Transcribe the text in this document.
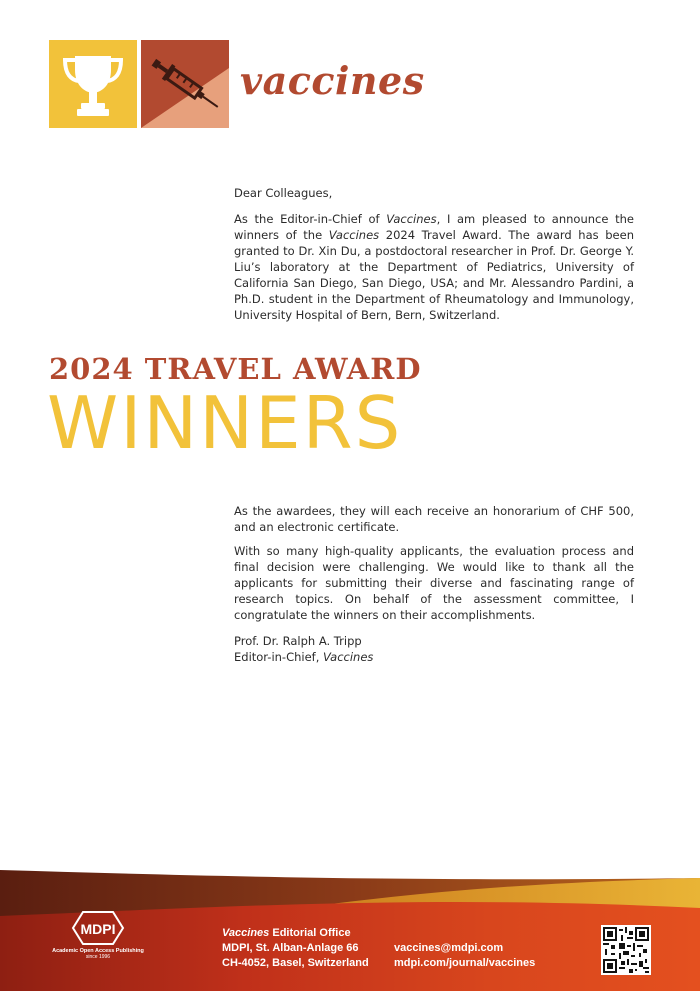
vaccines

Dear Colleagues,

As the Editor-in-Chief of Vaccines, I am pleased to announce the winners of the Vaccines 2024 Travel Award. The award has been granted to Dr. Xin Du, a postdoctoral researcher in Prof. Dr. George Y. Liu’s laboratory at the Department of Pediatrics, University of California San Diego, San Diego, USA; and Mr. Alessandro Pardini, a Ph.D. student in the Department of Rheumatology and Immunology, University Hospital of Bern, Bern, Switzerland.

2024 TRAVEL AWARD
WINNERS

As the awardees, they will each receive an honorarium of CHF 500, and an electronic certificate.

With so many high-quality applicants, the evaluation process and final decision were challenging. We would like to thank all the applicants for submitting their diverse and fascinating range of research topics. On behalf of the assessment committee, I congratulate the winners on their accomplishments.

Prof. Dr. Ralph A. Tripp

Editor-in-Chief, Vaccines

MDPI
Academic Open Access Publishing
since 1996
Vaccines Editorial Office
MDPI, St. Alban-Anlage 66
CH-4052, Basel, Switzerland
vaccines@mdpi.com
mdpi.com/journal/vaccines
